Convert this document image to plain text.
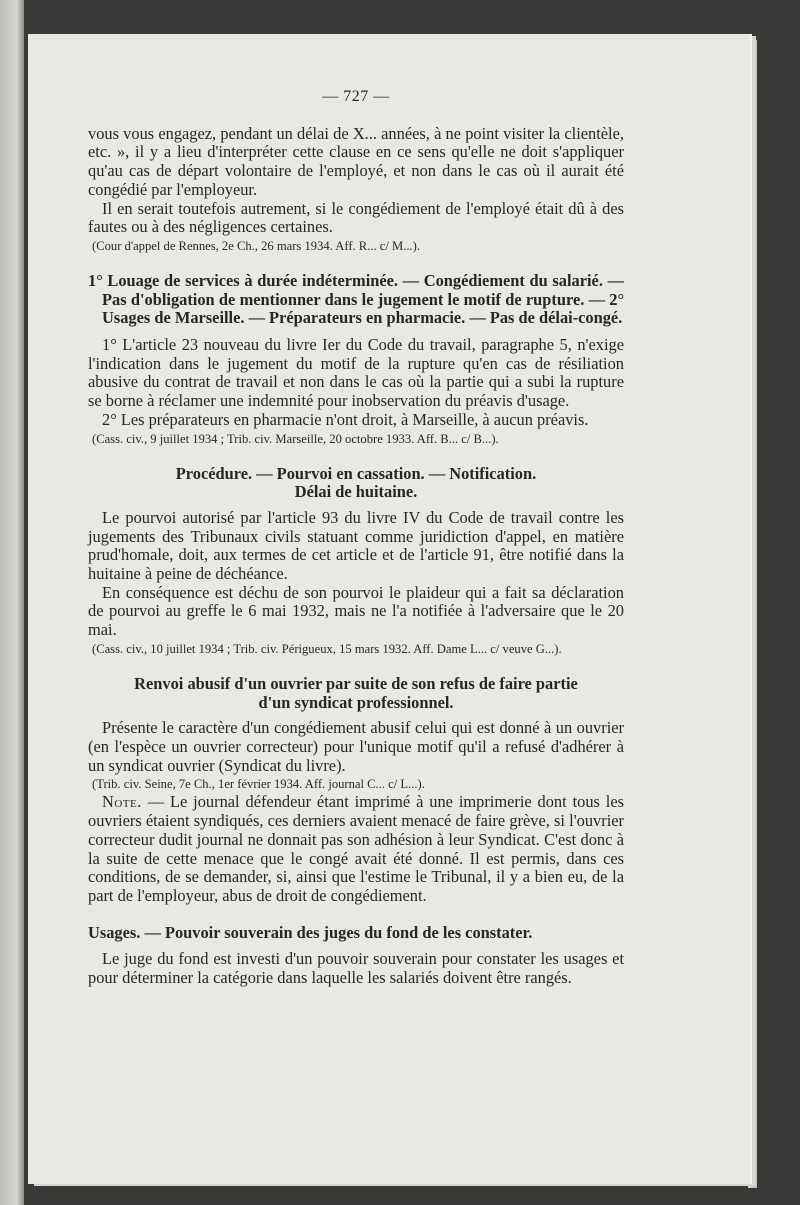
— 727 —

vous vous engagez, pendant un délai de X... années, à ne point visiter la clientèle, etc. », il y a lieu d'interpréter cette clause en ce sens qu'elle ne doit s'appliquer qu'au cas de départ volontaire de l'employé, et non dans le cas où il aurait été congédié par l'employeur.

Il en serait toutefois autrement, si le congédiement de l'employé était dû à des fautes ou à des négligences certaines.

(Cour d'appel de Rennes, 2e Ch., 26 mars 1934. Aff. R... c/ M...).

1° Louage de services à durée indéterminée. — Congédiement du salarié. — Pas d'obligation de mentionner dans le jugement le motif de rupture. — 2° Usages de Marseille. — Préparateurs en pharmacie. — Pas de délai-congé.

1° L'article 23 nouveau du livre Ier du Code du travail, paragraphe 5, n'exige l'indication dans le jugement du motif de la rupture qu'en cas de résiliation abusive du contrat de travail et non dans le cas où la partie qui a subi la rupture se borne à réclamer une indemnité pour inobservation du préavis d'usage.

2° Les préparateurs en pharmacie n'ont droit, à Marseille, à aucun préavis.

(Cass. civ., 9 juillet 1934 ; Trib. civ. Marseille, 20 octobre 1933. Aff. B... c/ B...).

Procédure. — Pourvoi en cassation. — Notification.
Délai de huitaine.

Le pourvoi autorisé par l'article 93 du livre IV du Code de travail contre les jugements des Tribunaux civils statuant comme juridiction d'appel, en matière prud'homale, doit, aux termes de cet article et de l'article 91, être notifié dans la huitaine à peine de déchéance.

En conséquence est déchu de son pourvoi le plaideur qui a fait sa déclaration de pourvoi au greffe le 6 mai 1932, mais ne l'a notifiée à l'adversaire que le 20 mai.

(Cass. civ., 10 juillet 1934 ; Trib. civ. Périgueux, 15 mars 1932. Aff. Dame L... c/ veuve G...).

Renvoi abusif d'un ouvrier par suite de son refus de faire partie
d'un syndicat professionnel.

Présente le caractère d'un congédiement abusif celui qui est donné à un ouvrier (en l'espèce un ouvrier correcteur) pour l'unique motif qu'il a refusé d'adhérer à un syndicat ouvrier (Syndicat du livre).

(Trib. civ. Seine, 7e Ch., 1er février 1934. Aff. journal C... c/ L...).

Note. — Le journal défendeur étant imprimé à une imprimerie dont tous les ouvriers étaient syndiqués, ces derniers avaient menacé de faire grève, si l'ouvrier correcteur dudit journal ne donnait pas son adhésion à leur Syndicat. C'est donc à la suite de cette menace que le congé avait été donné. Il est permis, dans ces conditions, de se demander, si, ainsi que l'estime le Tribunal, il y a bien eu, de la part de l'employeur, abus de droit de congédiement.

Usages. — Pouvoir souverain des juges du fond de les constater.

Le juge du fond est investi d'un pouvoir souverain pour constater les usages et pour déterminer la catégorie dans laquelle les salariés doivent être rangés.
